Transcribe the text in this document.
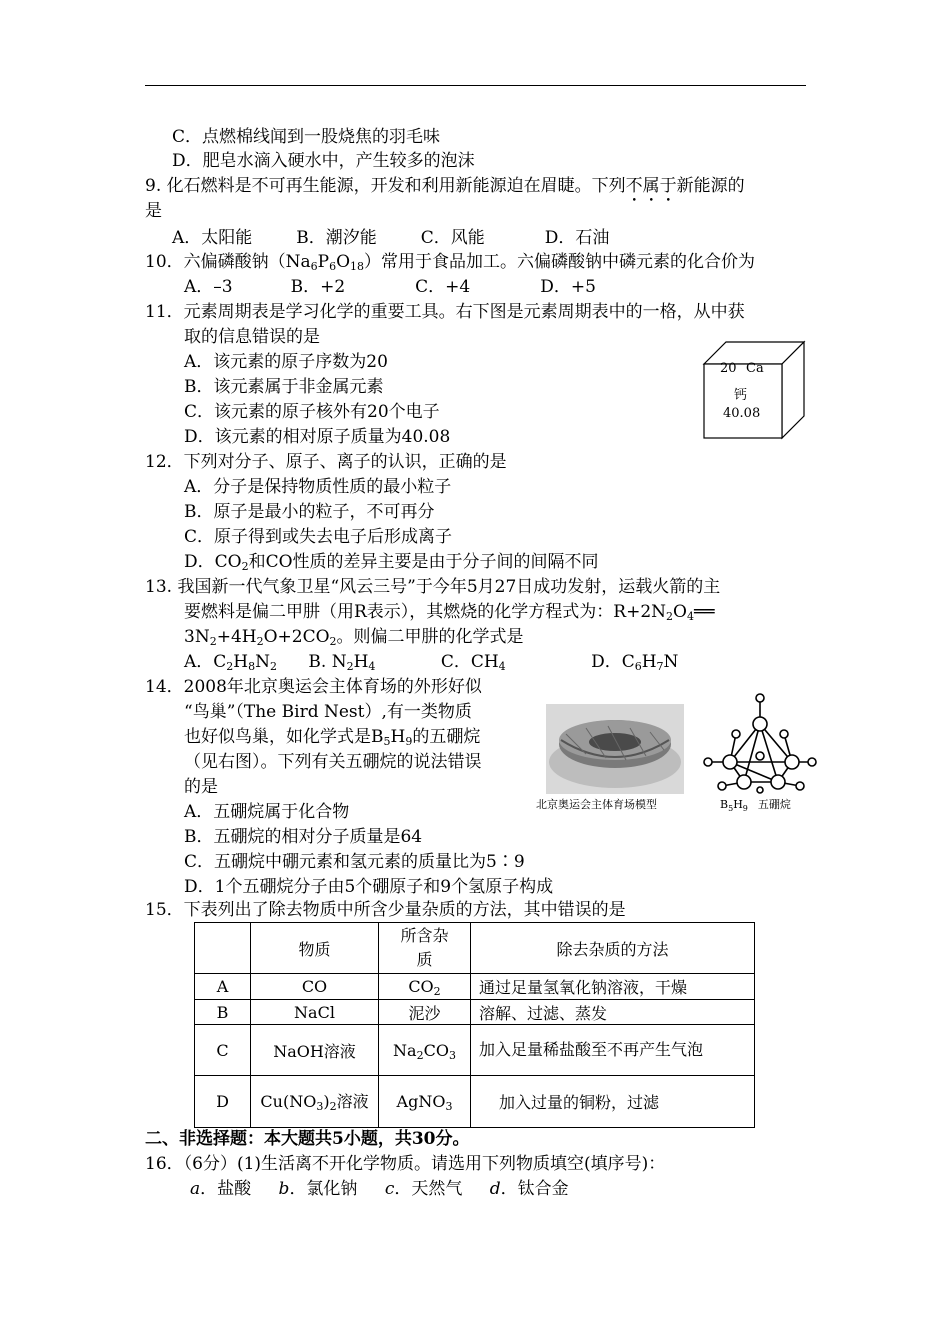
C．点燃棉线闻到一股烧焦的羽毛味
D．肥皂水滴入硬水中，产生较多的泡沫
9. 化石燃料是不可再生能源，开发和利用新能源迫在眉睫。下列不属于新能源的
是
A．太阳能	B．潮汐能	C．风能	D．石油
10．六偏磷酸钠$(Na_6P_6O_{18})$常用于食品加工。六偏磷酸钠中磷元素的化合价为
A．–3	B．+2	C．+4	D．+5
11．元素周期表是学习化学的重要工具。右下图是元素周期表中的一格，从中获
取的信息错误的是
A．该元素的原子序数为20
B．该元素属于非金属元素
C．该元素的原子核外有20个电子
D．该元素的相对原子质量为40.08
20 Ca
钙
40.08
12．下列对分子、原子、离子的认识，正确的是
A．分子是保持物质性质的最小粒子
B．原子是最小的粒子，不可再分
C．原子得到或失去电子后形成离子
D．$CO_2$和CO性质的差异主要是由于分子间的间隔不同
13. 我国新一代气象卫星“风云三号”于今年5月27日成功发射，运载火箭的主
要燃料是偏二甲肼（用R表示），其燃烧的化学方程式为：$R+2N_2O_4══$
$3N_2+4H_2O+2CO_2$。则偏二甲肼的化学式是
A．$C_2H_8N_2$ B. $N_2H_4$	C．$CH_4$	D．$C_6H_7N$
14．2008年北京奥运会主体育场的外形好似
“鸟巢”（The Bird Nest）,有一类物质
也好似鸟巢，如化学式是$B_5H_9$的五硼烷
（见右图）。下列有关五硼烷的说法错误
的是
A．五硼烷属于化合物
B．五硼烷的相对分子质量是64
C．五硼烷中硼元素和氢元素的质量比为5∶9
D．1个五硼烷分子由5个硼原子和9个氢原子构成
北京奥运会主体育场模型	$B_5H_9$ 五硼烷
15．下表列出了除去物质中所含少量杂质的方法，其中错误的是
	物质	所含杂质	除去杂质的方法
A	CO	$CO_2$	通过足量氢氧化钠溶液，干燥
B	NaCl	泥沙	溶解、过滤、蒸发
C	NaOH溶液	$Na_2CO_3$	加入足量稀盐酸至不再产生气泡
D	$Cu(NO_3)_2$溶液	AgNO$_3$	加入过量的铜粉，过滤
二、非选择题：本大题共5小题，共30分。
16．（6分）(1)生活离不开化学物质。请选用下列物质填空(填序号)：
a．盐酸 b．氯化钠 c．天然气 d．钛合金
